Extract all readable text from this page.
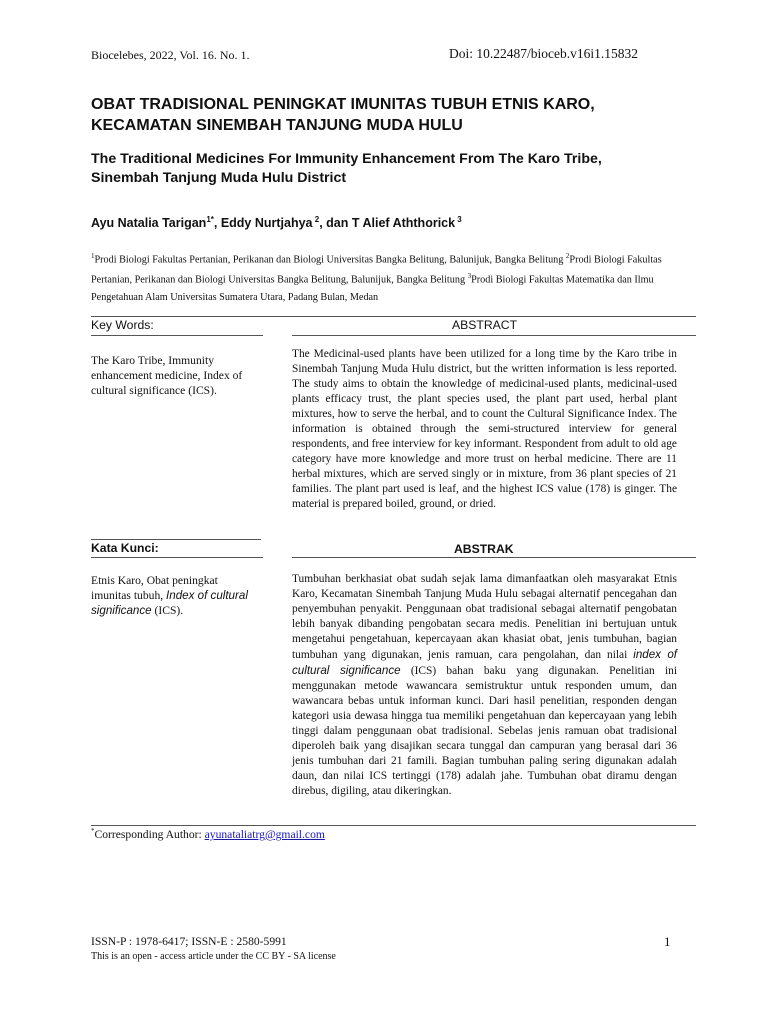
Biocelebes, 2022, Vol. 16. No. 1.	Doi: 10.22487/bioceb.v16i1.15832
OBAT TRADISIONAL PENINGKAT IMUNITAS TUBUH ETNIS KARO,
KECAMATAN SINEMBAH TANJUNG MUDA HULU
The Traditional Medicines For Immunity Enhancement From The Karo Tribe,
Sinembah Tanjung Muda Hulu District
Ayu Natalia Tarigan$^{1*}$, Eddy Nurtjahya $^2$, dan T Alief Aththorick $^3$
$^1$Prodi Biologi Fakultas Pertanian, Perikanan dan Biologi Universitas Bangka Belitung, Balunijuk, Bangka Belitung $^2$Prodi Biologi Fakultas Pertanian, Perikanan dan Biologi Universitas Bangka Belitung, Balunijuk, Bangka Belitung $^3$Prodi Biologi Fakultas Matematika dan Ilmu Pengetahuan Alam Universitas Sumatera Utara, Padang Bulan, Medan
Key Words:	ABSTRACT
The Karo Tribe, Immunity enhancement medicine, Index of cultural significance (ICS).
The Medicinal-used plants have been utilized for a long time by the Karo tribe in Sinembah Tanjung Muda Hulu district, but the written information is less reported. The study aims to obtain the knowledge of medicinal-used plants, medicinal-used plants efficacy trust, the plant species used, the plant part used, herbal plant mixtures, how to serve the herbal, and to count the Cultural Significance Index. The information is obtained through the semi-structured interview for general respondents, and free interview for key informant. Respondent from adult to old age category have more knowledge and more trust on herbal medicine. There are 11 herbal mixtures, which are served singly or in mixture, from 36 plant species of 21 families. The plant part used is leaf, and the highest ICS value (178) is ginger. The material is prepared boiled, ground, or dried.
Kata Kunci:	ABSTRAK
Etnis Karo, Obat peningkat imunitas tubuh, Index of cultural significance (ICS).
Tumbuhan berkhasiat obat sudah sejak lama dimanfaatkan oleh masyarakat Etnis Karo, Kecamatan Sinembah Tanjung Muda Hulu sebagai alternatif pencegahan dan penyembuhan penyakit. Penggunaan obat tradisional sebagai alternatif pengobatan lebih banyak dibanding pengobatan secara medis. Penelitian ini bertujuan untuk mengetahui pengetahuan, kepercayaan akan khasiat obat, jenis tumbuhan, bagian tumbuhan yang digunakan, jenis ramuan, cara pengolahan, dan nilai index of cultural significance (ICS) bahan baku yang digunakan. Penelitian ini menggunakan metode wawancara semistruktur untuk responden umum, dan wawancara bebas untuk informan kunci. Dari hasil penelitian, responden dengan kategori usia dewasa hingga tua memiliki pengetahuan dan kepercayaan yang lebih tinggi dalam penggunaan obat tradisional. Sebelas jenis ramuan obat tradisional diperoleh baik yang disajikan secara tunggal dan campuran yang berasal dari 36 jenis tumbuhan dari 21 famili. Bagian tumbuhan paling sering digunakan adalah daun, dan nilai ICS tertinggi (178) adalah jahe. Tumbuhan obat diramu dengan direbus, digiling, atau dikeringkan.
*Corresponding Author: ayunataliatrg@gmail.com
ISSN-P : 1978-6417; ISSN-E : 2580-5991
This is an open - access article under the CC BY - SA license
1
